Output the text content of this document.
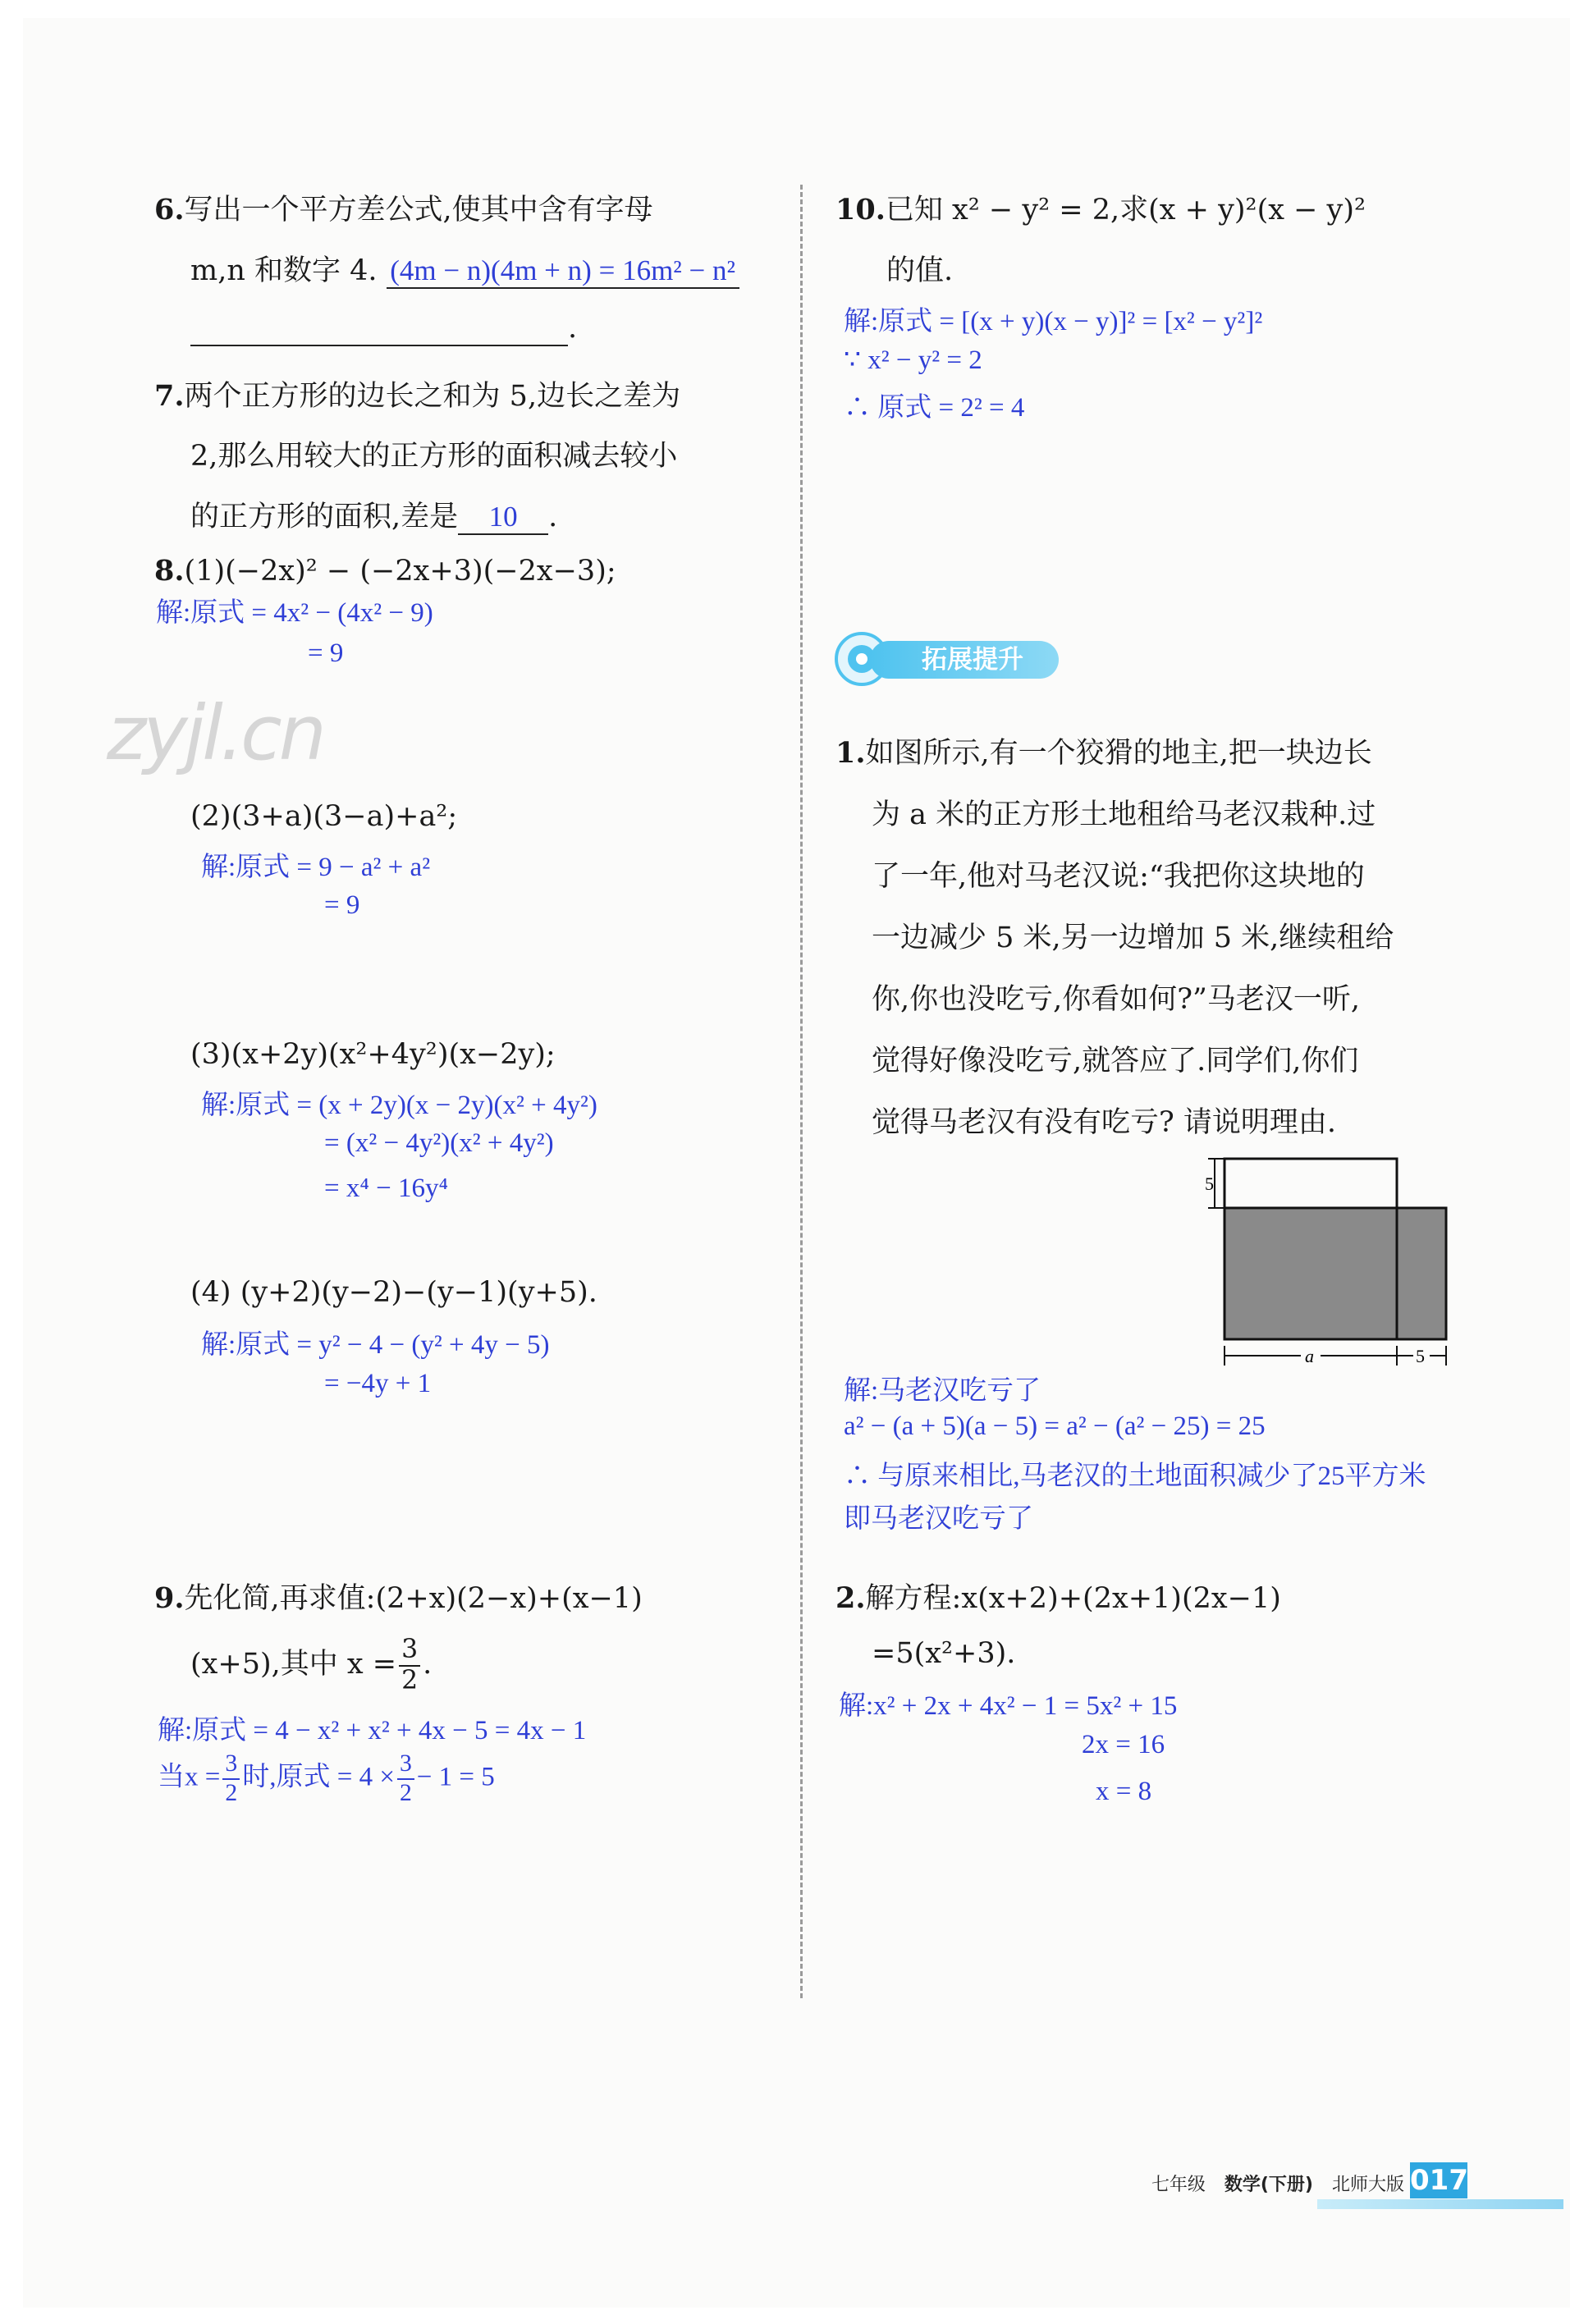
zyjl.cn
6.写出一个平方差公式,使其中含有字母
m,n 和数字 4. (4m − n)(4m + n) = 16m² − n²
.
7.两个正方形的边长之和为 5,边长之差为
2,那么用较大的正方形的面积减去较小
的正方形的面积,差是 10 .
8.(1)(−2x)² − (−2x+3)(−2x−3);
解:原式 = 4x² − (4x² − 9)
= 9
(2)(3+a)(3−a)+a²;
解:原式 = 9 − a² + a²
= 9
(3)(x+2y)(x²+4y²)(x−2y);
解:原式 = (x + 2y)(x − 2y)(x² + 4y²)
= (x² − 4y²)(x² + 4y²)
= x⁴ − 16y⁴
(4) (y+2)(y−2)−(y−1)(y+5).
解:原式 = y² − 4 − (y² + 4y − 5)
= −4y + 1
9.先化简,再求值:(2+x)(2−x)+(x−1)
(x+5),其中 $x = \frac{3}{2}$ .
解:原式 = 4 − x² + x² + 4x − 5 = 4x − 1
当$x = \frac{3}{2}$ 时,原式 = $4 \times \frac{3}{2} - 1 = 5$
10.已知 x² − y² = 2,求(x + y)²(x − y)²
的值.
解:原式 = [(x + y)(x − y)]² = [x² − y²]²
∵ x² − y² = 2
∴ 原式 = 2² = 4
拓展提升
1.如图所示,有一个狡猾的地主,把一块边长
为 a 米的正方形土地租给马老汉栽种.过
了一年,他对马老汉说:“我把你这块地的
一边减少 5 米,另一边增加 5 米,继续租给
你,你也没吃亏,你看如何?”马老汉一听,
觉得好像没吃亏,就答应了.同学们,你们
觉得马老汉有没有吃亏? 请说明理由.
5
a	5
解:马老汉吃亏了
a² − (a + 5)(a − 5) = a² − (a² − 25) = 25
∴ 与原来相比,马老汉的土地面积减少了25平方米
即马老汉吃亏了
2.解方程:x(x+2)+(2x+1)(2x−1)
=5(x²+3).
解:x² + 2x + 4x² − 1 = 5x² + 15
2x = 16
x = 8
七年级 数学(下册) 北师大版 017
